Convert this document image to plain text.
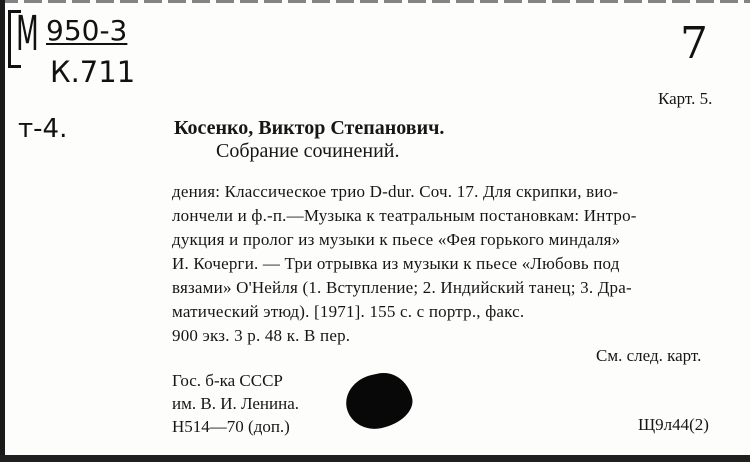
М 950-3
К.711
т-4.
7
Карт. 5.
Косенко, Виктор Степанович.
Собрание сочинений.
дения: Классическое трио D-dur. Соч. 17. Для скрипки, вио-
лончели и ф.-п.—Музыка к театральным постановкам: Интро-
дукция и пролог из музыки к пьесе «Фея горького миндаля»
И. Кочерги. — Три отрывка из музыки к пьесе «Любовь под
вязами» О'Нейля (1. Вступление; 2. Индийский танец; 3. Дра-
матический этюд). [1971]. 155 с. с портр., факс.
900 экз. 3 р. 48 к. В пер.
См. след. карт.
Гос. б-ка СССР
им. В. И. Ленина.
Н514—70 (доп.)	Щ9л44(2)
